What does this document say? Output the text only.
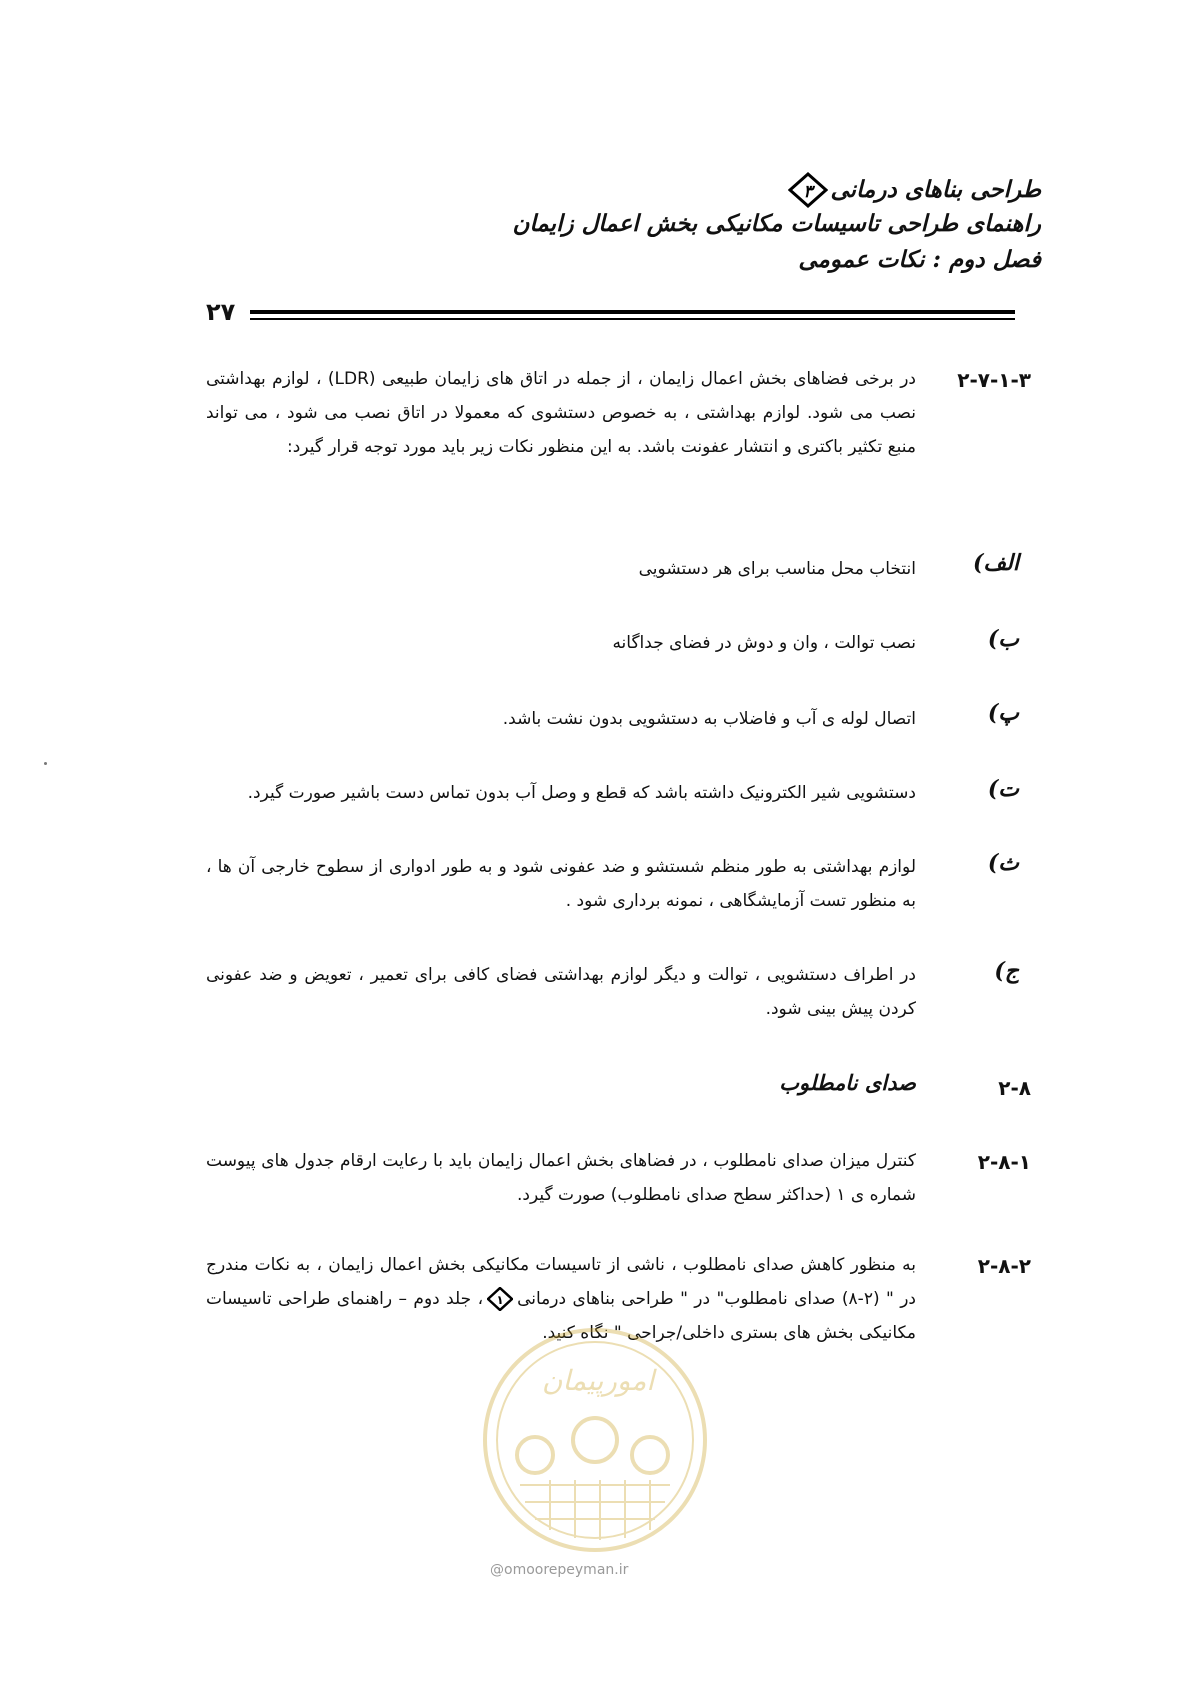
طراحی بناهای درمانی
۳
راهنمای طراحی تاسیسات مکانیکی بخش اعمال زایمان
فصل دوم : نکات عمومی
۲۷
۲-۷-۱-۳
در برخی فضاهای بخش اعمال زایمان ، از جمله در اتاق های زایمان طبیعی (LDR) ، لوازم بهداشتی نصب می شود. لوازم بهداشتی ، به خصوص دستشوی که معمولا در اتاق نصب می شود ، می تواند منبع تکثیر باکتری و انتشار عفونت باشد. به این منظور نکات زیر باید مورد توجه قرار گیرد:
الف)
انتخاب محل مناسب برای هر دستشویی
ب)
نصب توالت ، وان و دوش در فضای جداگانه
پ)
اتصال لوله ی آب و فاضلاب به دستشویی بدون نشت باشد.
ت)
دستشویی شیر الکترونیک داشته باشد که قطع و وصل آب بدون تماس دست باشیر صورت گیرد.
ث)
لوازم بهداشتی به طور منظم شستشو و ضد عفونی شود و به طور ادواری از سطوح خارجی آن ها ، به منظور تست آزمایشگاهی ، نمونه برداری شود .
ج)
در اطراف دستشویی ، توالت و دیگر لوازم بهداشتی فضای کافی برای تعمیر ، تعویض و ضد عفونی کردن پیش بینی شود.
۲-۸
صدای نامطلوب
۲-۸-۱
کنترل میزان صدای نامطلوب ، در فضاهای بخش اعمال زایمان باید با رعایت ارقام جدول های پیوست شماره ی ۱ (حداکثر سطح صدای نامطلوب) صورت گیرد.
۲-۸-۲
به منظور کاهش صدای نامطلوب ، ناشی از تاسیسات مکانیکی بخش اعمال زایمان ، به نکات مندرج در " (۲-۸) صدای نامطلوب" در " طراحی بناهای درمانی
۱
، جلد دوم – راهنمای طراحی تاسیسات مکانیکی بخش های بستری داخلی/جراحی " نگاه کنید.
امورپیمان
@omoorepeyman.ir
